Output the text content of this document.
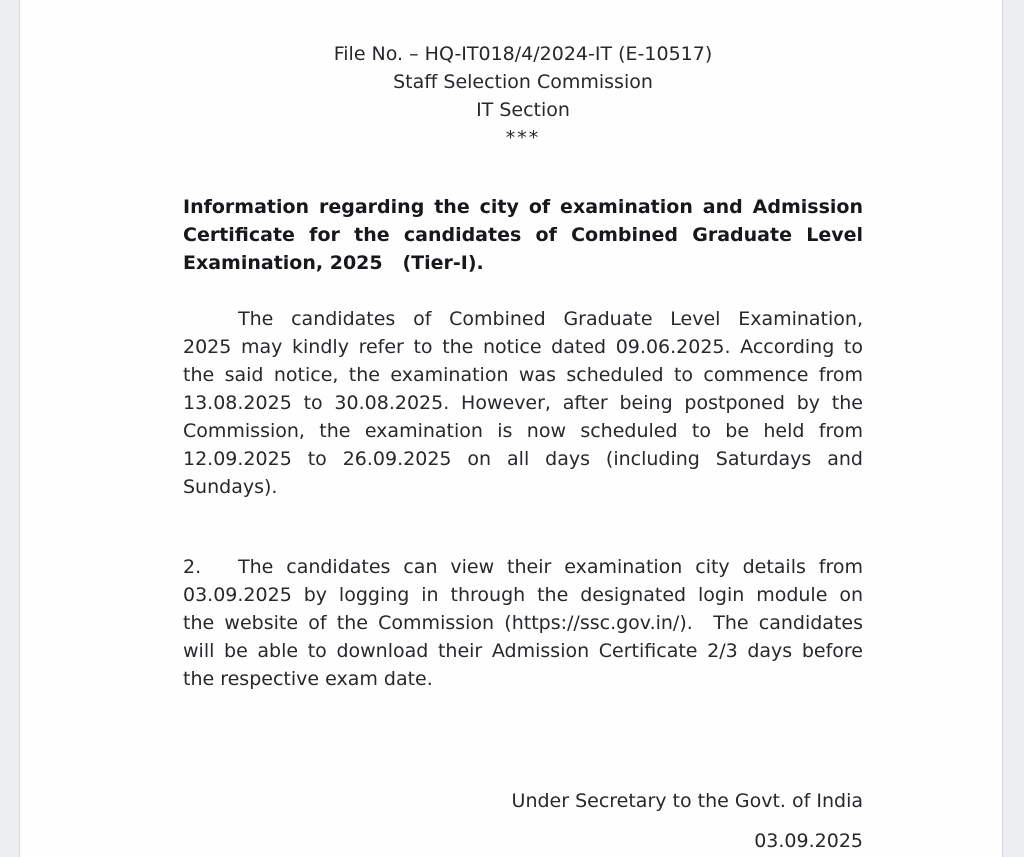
File No. – HQ-IT018/4/2024-IT (E-10517)
Staff Selection Commission
IT Section
***
Information regarding the city of examination and Admission
Certificate for the candidates of Combined Graduate Level
Examination, 2025   (Tier-I).
The candidates of Combined Graduate Level Examination,
2025 may kindly refer to the notice dated 09.06.2025. According to
the said notice, the examination was scheduled to commence from
13.08.2025 to 30.08.2025. However, after being postponed by the
Commission, the examination is now scheduled to be held from
12.09.2025 to 26.09.2025 on all days (including Saturdays and
Sundays).
2. The candidates can view their examination city details from
03.09.2025 by logging in through the designated login module on
the website of the Commission (https://ssc.gov.in/).  The candidates
will be able to download their Admission Certificate 2/3 days before
the respective exam date.
Under Secretary to the Govt. of India
03.09.2025
